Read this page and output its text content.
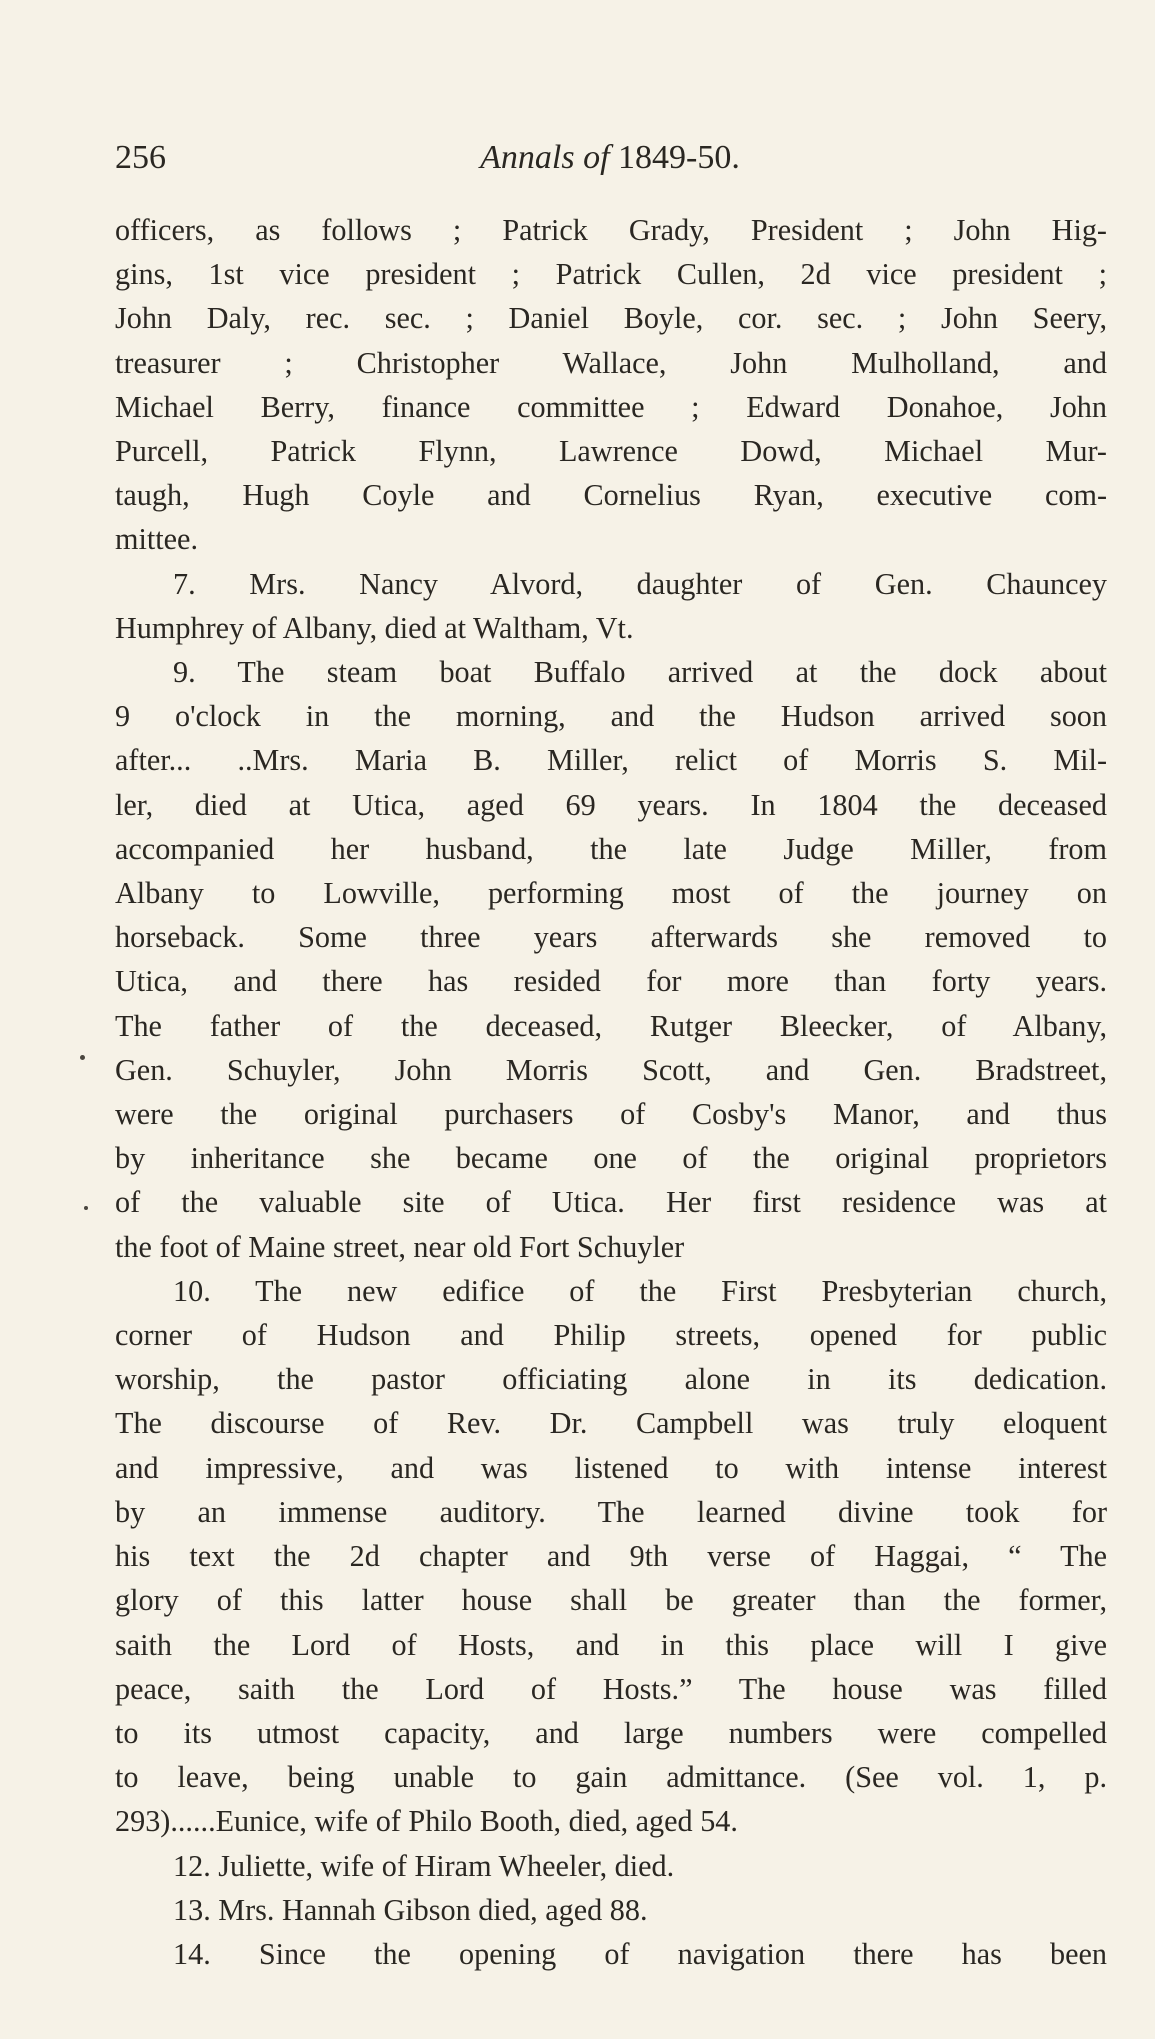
256	Annals of 1849-50.
officers, as follows ; Patrick Grady, President ; John Hig-
gins, 1st vice president ; Patrick Cullen, 2d vice president ;
John Daly, rec. sec. ; Daniel Boyle, cor. sec. ; John Seery,
treasurer ; Christopher Wallace, John Mulholland, and
Michael Berry, finance committee ; Edward Donahoe, John
Purcell, Patrick Flynn, Lawrence Dowd, Michael Mur-
taugh, Hugh Coyle and Cornelius Ryan, executive com-
mittee.
7. Mrs. Nancy Alvord, daughter of Gen. Chauncey
Humphrey of Albany, died at Waltham, Vt.
9. The steam boat Buffalo arrived at the dock about
9 o'clock in the morning, and the Hudson arrived soon
after... ..Mrs. Maria B. Miller, relict of Morris S. Mil-
ler, died at Utica, aged 69 years. In 1804 the deceased
accompanied her husband, the late Judge Miller, from
Albany to Lowville, performing most of the journey on
horseback. Some three years afterwards she removed to
Utica, and there has resided for more than forty years.
The father of the deceased, Rutger Bleecker, of Albany,
Gen. Schuyler, John Morris Scott, and Gen. Bradstreet,
were the original purchasers of Cosby's Manor, and thus
by inheritance she became one of the original proprietors
of the valuable site of Utica. Her first residence was at
the foot of Maine street, near old Fort Schuyler
10. The new edifice of the First Presbyterian church,
corner of Hudson and Philip streets, opened for public
worship, the pastor officiating alone in its dedication.
The discourse of Rev. Dr. Campbell was truly eloquent
and impressive, and was listened to with intense interest
by an immense auditory. The learned divine took for
his text the 2d chapter and 9th verse of Haggai, “ The
glory of this latter house shall be greater than the former,
saith the Lord of Hosts, and in this place will I give
peace, saith the Lord of Hosts.” The house was filled
to its utmost capacity, and large numbers were compelled
to leave, being unable to gain admittance. (See vol. 1, p.
293)......Eunice, wife of Philo Booth, died, aged 54.
12. Juliette, wife of Hiram Wheeler, died.
13. Mrs. Hannah Gibson died, aged 88.
14. Since the opening of navigation there has been
